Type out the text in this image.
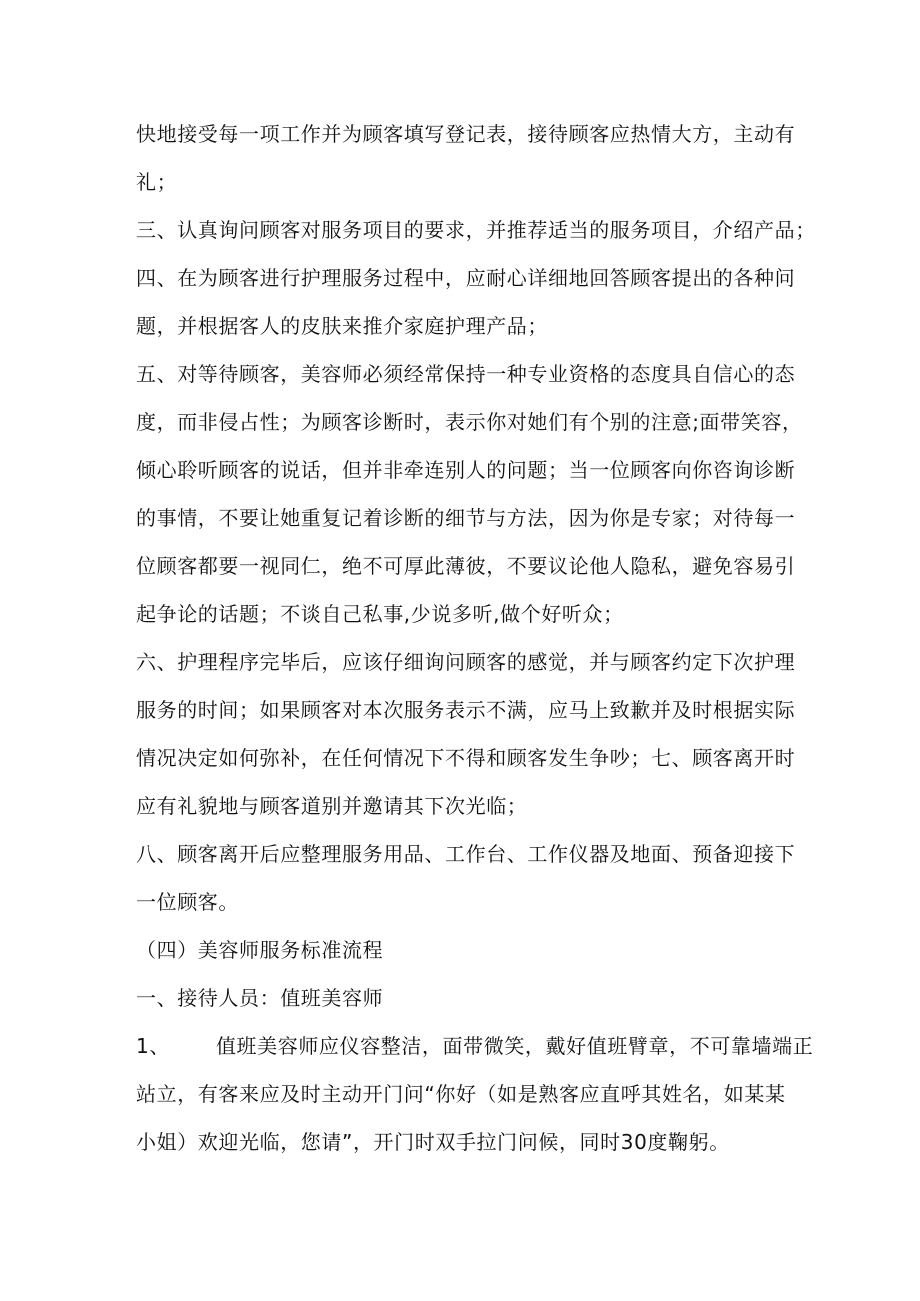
快地接受每一项工作并为顾客填写登记表，接待顾客应热情大方，主动有
礼；
三、认真询问顾客对服务项目的要求，并推荐适当的服务项目，介绍产品；
四、在为顾客进行护理服务过程中，应耐心详细地回答顾客提出的各种问
题，并根据客人的皮肤来推介家庭护理产品；
五、对等待顾客，美容师必须经常保持一种专业资格的态度具自信心的态
度，而非侵占性；为顾客诊断时，表示你对她们有个别的注意;面带笑容，
倾心聆听顾客的说话，但并非牵连别人的问题；当一位顾客向你咨询诊断
的事情，不要让她重复记着诊断的细节与方法，因为你是专家；对待每一
位顾客都要一视同仁，绝不可厚此薄彼，不要议论他人隐私，避免容易引
起争论的话题；不谈自己私事,少说多听,做个好听众；
六、护理程序完毕后，应该仔细询问顾客的感觉，并与顾客约定下次护理
服务的时间；如果顾客对本次服务表示不满，应马上致歉并及时根据实际
情况决定如何弥补，在任何情况下不得和顾客发生争吵；七、顾客离开时
应有礼貌地与顾客道别并邀请其下次光临；
八、顾客离开后应整理服务用品、工作台、工作仪器及地面、预备迎接下
一位顾客。
（四）美容师服务标准流程
一、接待人员：值班美容师
1、 值班美容师应仪容整洁，面带微笑，戴好值班臂章，不可靠墙端正
站立，有客来应及时主动开门问“你好（如是熟客应直呼其姓名，如某某
小姐）欢迎光临，您请”，开门时双手拉门问候，同时30度鞠躬。
